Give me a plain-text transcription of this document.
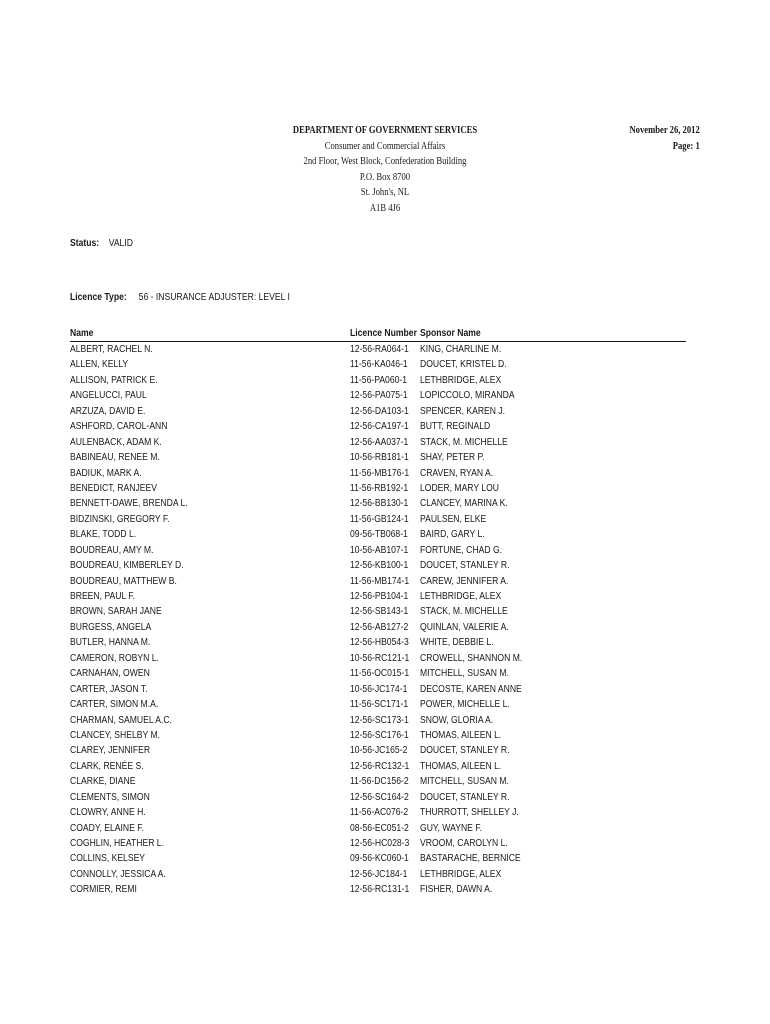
DEPARTMENT OF GOVERNMENT SERVICES
Consumer and Commercial Affairs
2nd Floor, West Block, Confederation Building
P.O. Box 8700
St. John's, NL
A1B 4J6
November 26, 2012
Page: 1
Status: VALID
Licence Type: 56 - INSURANCE ADJUSTER: LEVEL I
Name	Licence Number Sponsor Name
ALBERT, RACHEL N.	12-56-RA064-1 KING, CHARLINE M.
ALLEN, KELLY	11-56-KA046-1 DOUCET, KRISTEL D.
ALLISON, PATRICK E.	11-56-PA060-1 LETHBRIDGE, ALEX
ANGELUCCI, PAUL	12-56-PA075-1 LOPICCOLO, MIRANDA
ARZUZA, DAVID E.	12-56-DA103-1 SPENCER, KAREN J.
ASHFORD, CAROL-ANN	12-56-CA197-1 BUTT, REGINALD
AULENBACK, ADAM K.	12-56-AA037-1 STACK, M. MICHELLE
BABINEAU, RENEE M.	10-56-RB181-1 SHAY, PETER P.
BADIUK, MARK A.	11-56-MB176-1 CRAVEN, RYAN A.
BENEDICT, RANJEEV	11-56-RB192-1 LODER, MARY LOU
BENNETT-DAWE, BRENDA L.	12-56-BB130-1 CLANCEY, MARINA K.
BIDZINSKI, GREGORY F.	11-56-GB124-1 PAULSEN, ELKE
BLAKE, TODD L.	09-56-TB068-1 BAIRD, GARY L.
BOUDREAU, AMY M.	10-56-AB107-1 FORTUNE, CHAD G.
BOUDREAU, KIMBERLEY D.	12-56-KB100-1 DOUCET, STANLEY R.
BOUDREAU, MATTHEW B.	11-56-MB174-1 CAREW, JENNIFER A.
BREEN, PAUL F.	12-56-PB104-1 LETHBRIDGE, ALEX
BROWN, SARAH JANE	12-56-SB143-1 STACK, M. MICHELLE
BURGESS, ANGELA	12-56-AB127-2 QUINLAN, VALERIE A.
BUTLER, HANNA M.	12-56-HB054-3 WHITE, DEBBIE L.
CAMERON, ROBYN L.	10-56-RC121-1 CROWELL, SHANNON M.
CARNAHAN, OWEN	11-56-OC015-1 MITCHELL, SUSAN M.
CARTER, JASON T.	10-56-JC174-1 DECOSTE, KAREN ANNE
CARTER, SIMON M.A.	11-56-SC171-1 POWER, MICHELLE L.
CHARMAN, SAMUEL A.C.	12-56-SC173-1 SNOW, GLORIA A.
CLANCEY, SHELBY M.	12-56-SC176-1 THOMAS, AILEEN L.
CLAREY, JENNIFER	10-56-JC165-2 DOUCET, STANLEY R.
CLARK, RENÉE S.	12-56-RC132-1 THOMAS, AILEEN L.
CLARKE, DIANE	11-56-DC156-2 MITCHELL, SUSAN M.
CLEMENTS, SIMON	12-56-SC164-2 DOUCET, STANLEY R.
CLOWRY, ANNE H.	11-56-AC076-2 THURROTT, SHELLEY J.
COADY, ELAINE F.	08-56-EC051-2 GUY, WAYNE F.
COGHLIN, HEATHER L.	12-56-HC028-3 VROOM, CAROLYN L.
COLLINS, KELSEY	09-56-KC060-1 BASTARACHE, BERNICE
CONNOLLY, JESSICA A.	12-56-JC184-1 LETHBRIDGE, ALEX
CORMIER, REMI	12-56-RC131-1 FISHER, DAWN A.
